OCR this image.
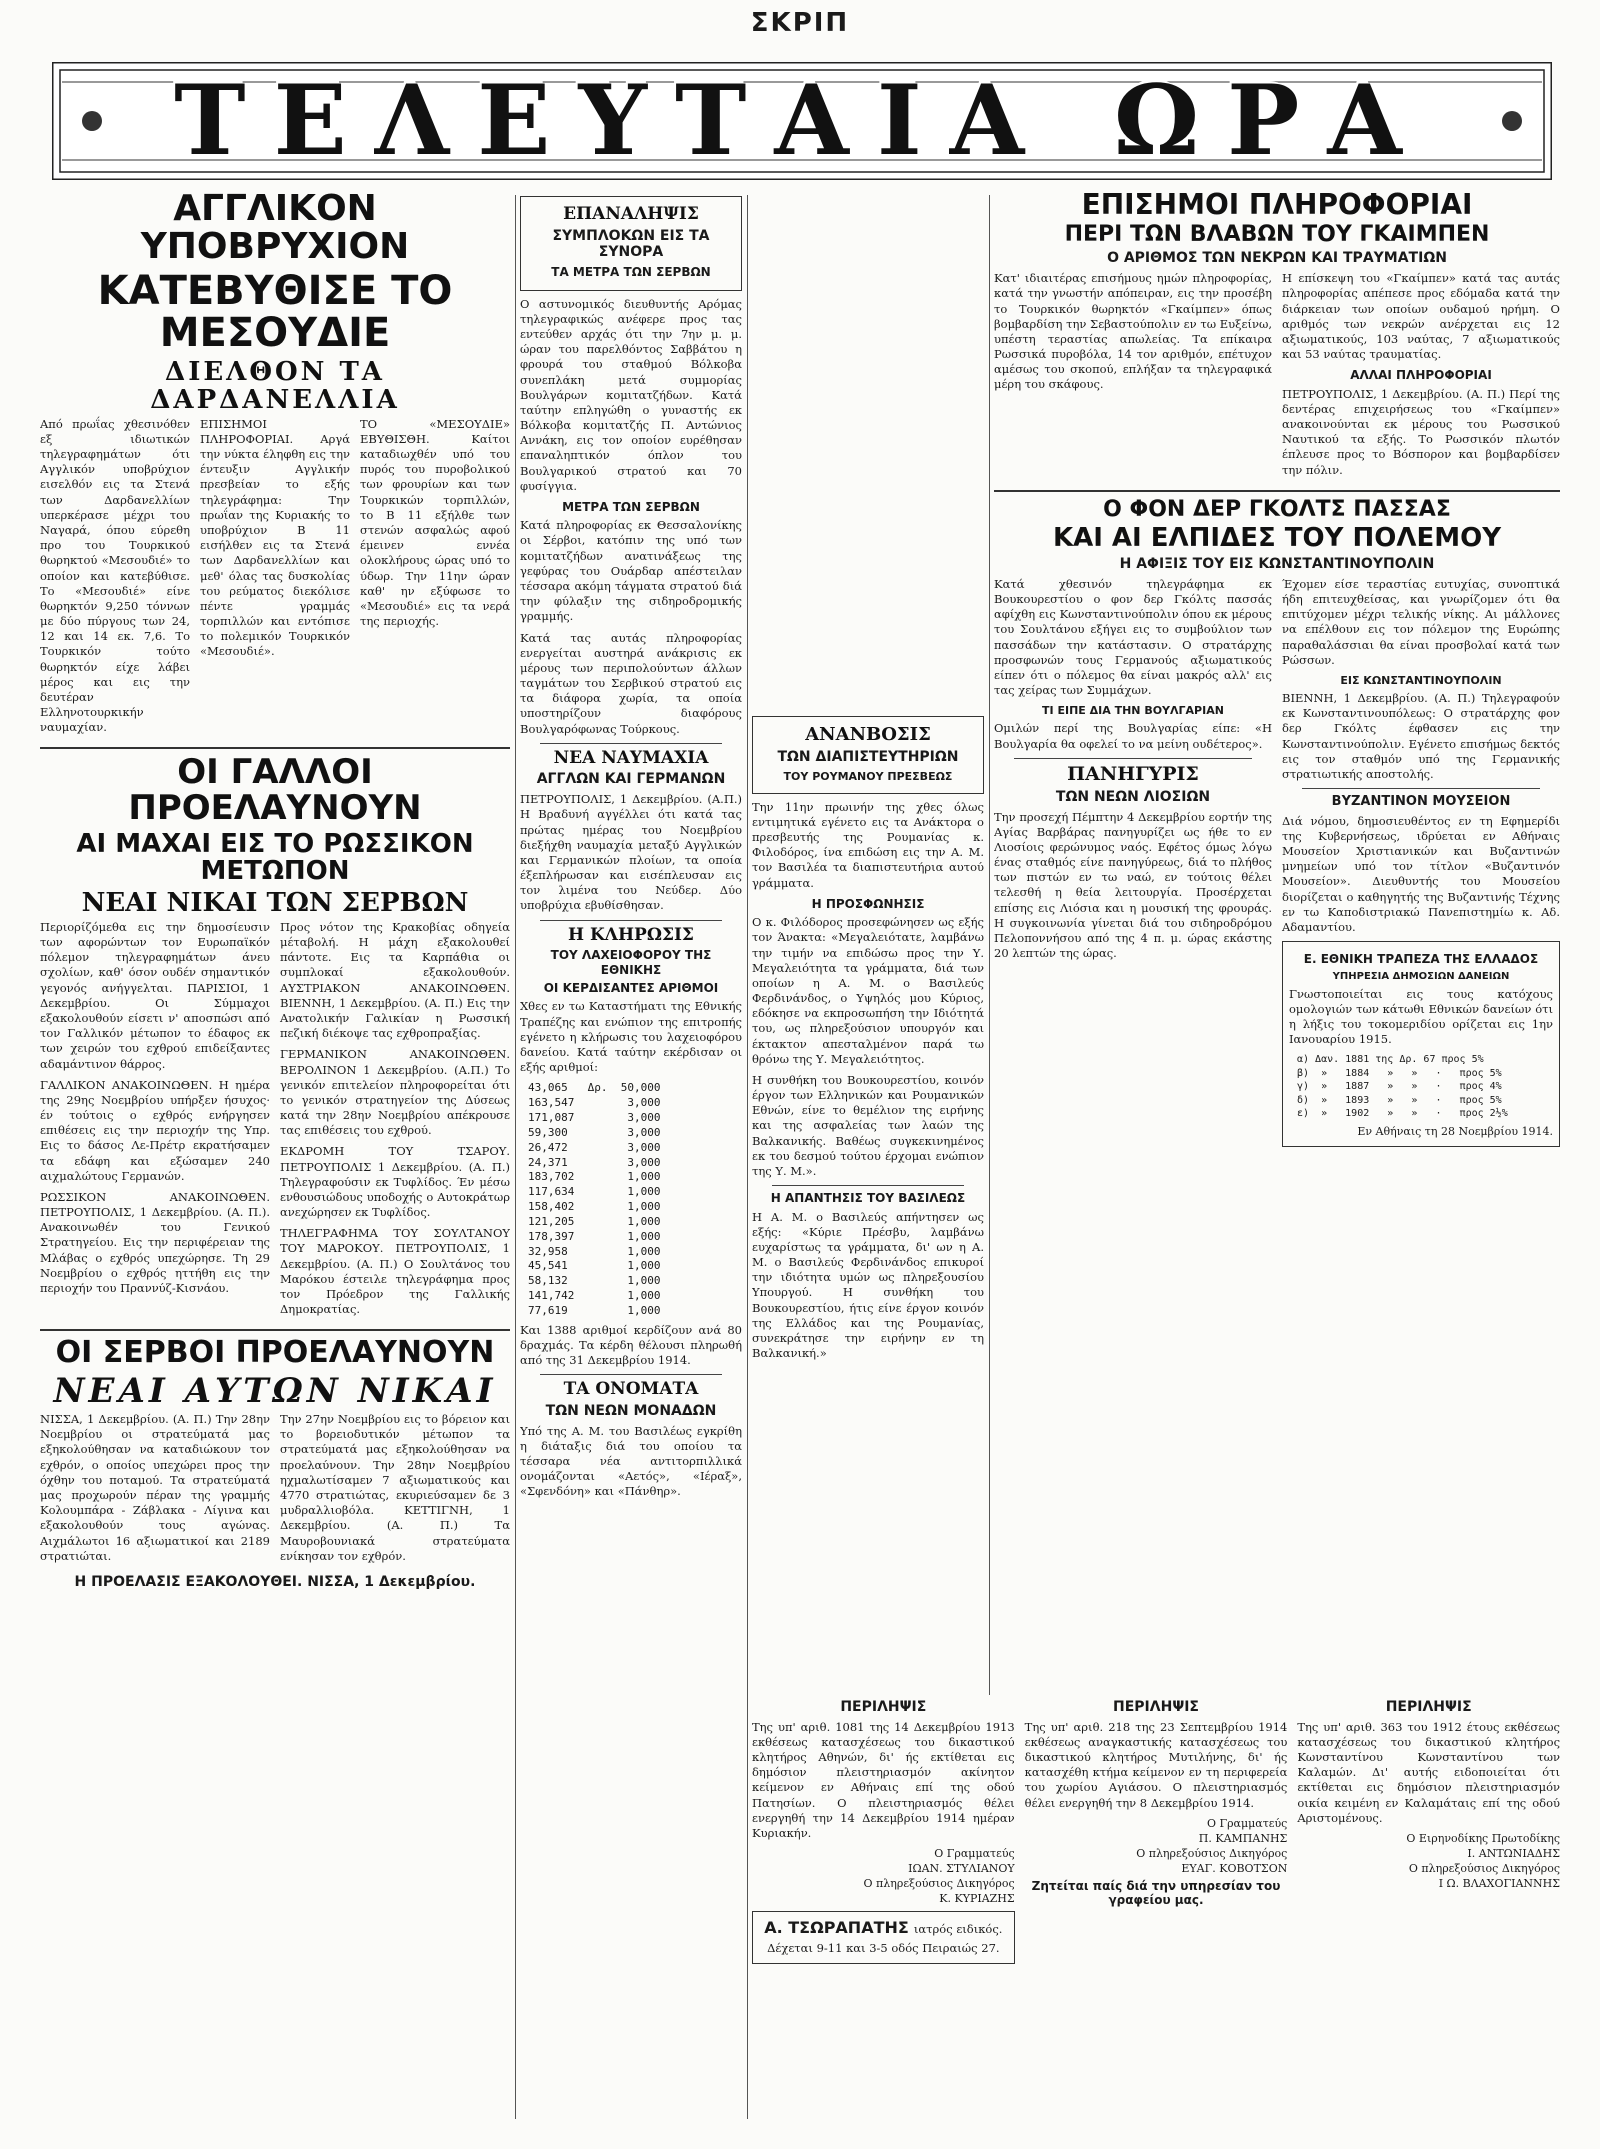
ΣΚΡΙΠ
ΤΕΛΕΥΤΑΙΑ ΩΡΑ
ΑΓΓΛΙΚΟΝ ΥΠΟΒΡΥΧΙΟΝ
ΚΑΤΕΒΥΘΙΣΕ ΤΟ ΜΕΣΟΥΔΙΕ
ΔΙΕΛΘΟΝ ΤΑ ΔΑΡΔΑΝΕΛΛΙΑ

Από πρωΐας χθεσινόθεν εξ ιδιωτικών τηλεγραφημάτων ότι Αγγλικόν υποβρύχιον εισελθόν εις τα Στενά των Δαρδανελλίων υπερκέρασε μέχρι του Ναγαρά, όπου εύρεθη προ του Τουρκικού θωρηκτού «Μεσουδιέ» το οποίον και κατεβύθισε. Το «Μεσουδιέ» είνε θωρηκτόν 9,250 τόννων με δύο πύργους των 24, 12 και 14 εκ. 7,6. Το Τουρκικόν τούτο θωρηκτόν είχε λάβει μέρος και εις την δευτέραν Ελληνοτουρκικήν ναυμαχίαν.

ΕΠΙΣΗΜΟΙ ΠΛΗΡΟΦΟΡΙΑΙ. Αργά την νύκτα έληφθη εις την έντευξιν Αγγλικήν πρεσβείαν το εξής τηλεγράφημα: Την πρωΐαν της Κυριακής το υποβρύχιον Β 11 εισήλθεν εις τα Στενά των Δαρδανελλίων και μεθ' όλας τας δυσκολίας του ρεύματος διεκόλισε πέντε γραμμάς τορπιλλών και εντόπισε το πολεμικόν Τουρκικόν «Μεσουδιέ».

ΤΟ «ΜΕΣΟΥΔΙΕ» ΕΒΥΘΙΣΘΗ. Καίτοι καταδιωχθέν υπό του πυρός του πυροβολικού των φρουρίων και των Τουρκικών τορπιλλών, το Β 11 εξήλθε των στενών ασφαλώς αφού έμεινεν εννέα ολοκλήρους ώρας υπό το ύδωρ. Την 11ην ώραν καθ' ην εξύφωσε το «Μεσουδιέ» εις τα νερά της περιοχής.

ΟΙ ΓΑΛΛΟΙ ΠΡΟΕΛΑΥΝΟΥΝ
ΑΙ ΜΑΧΑΙ ΕΙΣ ΤΟ ΡΩΣΣΙΚΟΝ ΜΕΤΩΠΟΝ
ΝΕΑΙ ΝΙΚΑΙ ΤΩΝ ΣΕΡΒΩΝ

Περιορίζόμεθα εις την δημοσίευσιν των αφορώντων τον Ευρωπαϊκόν πόλεμον τηλεγραφημάτων άνευ σχολίων, καθ' όσον ουδέν σημαντικόν γεγονός ανήγγελται. ΠΑΡΙΣΙΟΙ, 1 Δεκεμβρίου. Οι Σύμμαχοι εξακολουθούν είσετι ν' αποσπώσι από τον Γαλλικόν μέτωπον το έδαφος εκ των χειρών του εχθρού επιδείξαντες αδαμάντινον θάρρος.

ΓΑΛΛΙΚΟΝ ΑΝΑΚΟΙΝΩΘΕΝ. Η ημέρα της 29ης Νοεμβρίου υπήρξεν ήσυχος· έν τούτοις ο εχθρός ενήργησεν επιθέσεις εις την περιοχήν της Υπρ. Εις το δάσος Λε-Πρέτρ εκρατήσαμεν τα εδάφη και εξώσαμεν 240 αιχμαλώτους Γερμανών.

ΡΩΣΣΙΚΟΝ ΑΝΑΚΟΙΝΩΘΕΝ. ΠΕΤΡΟΥΠΟΛΙΣ, 1 Δεκεμβρίου. (Α. Π.). Ανακοινωθέν του Γενικού Στρατηγείου. Εις την περιφέρειαν της Μλάβας ο εχθρός υπεχώρησε. Τη 29 Νοεμβρίου ο εχθρός ηττήθη εις την περιοχήν του Πραννύζ-Κισνάου.

Προς νότον της Κρακοβίας οδηγεία μέταβολή. Η μάχη εξακολουθεί πάντοτε. Εις τα Καρπάθια οι συμπλοκαί εξακολουθούν. ΑΥΣΤΡΙΑΚΟΝ ΑΝΑΚΟΙΝΩΘΕΝ. ΒΙΕΝΝΗ, 1 Δεκεμβρίου. (Α. Π.) Εις την Ανατολικήν Γαλικίαν η Ρωσσική πεζική διέκοψε τας εχθροπραξίας.

ΓΕΡΜΑΝΙΚΟΝ ΑΝΑΚΟΙΝΩΘΕΝ. ΒΕΡΟΛΙΝΟΝ 1 Δεκεμβρίου. (Α.Π.) Το γενικόν επιτελείον πληροφορείται ότι το γενικόν στρατηγείον της Δύσεως κατά την 28ην Νοεμβρίου απέκρουσε τας επιθέσεις του εχθρού.

ΕΚΔΡΟΜΗ ΤΟΥ ΤΣΑΡΟΥ. ΠΕΤΡΟΥΠΟΛΙΣ 1 Δεκεμβρίου. (Α. Π.) Τηλεγραφούσιν εκ Τυφλίδος. Έν μέσω ενθουσιώδους υποδοχής ο Αυτοκράτωρ ανεχώρησεν εκ Τυφλίδος.

ΤΗΛΕΓΡΑΦΗΜΑ ΤΟΥ ΣΟΥΛΤΑΝΟΥ ΤΟΥ ΜΑΡΟΚΟΥ. ΠΕΤΡΟΥΠΟΛΙΣ, 1 Δεκεμβρίου. (Α. Π.) Ο Σουλτάνος του Μαρόκου έστειλε τηλεγράφημα προς τον Πρόεδρον της Γαλλικής Δημοκρατίας.

ΟΙ ΣΕΡΒΟΙ ΠΡΟΕΛΑΥΝΟΥΝ
ΝΕΑΙ ΑΥΤΩΝ ΝΙΚΑΙ

ΝΙΣΣΑ, 1 Δεκεμβρίου. (Α. Π.) Την 28ην Νοεμβρίου οι στρατεύματά μας εξηκολούθησαν να καταδιώκουν τον εχθρόν, ο οποίος υπεχώρει προς την όχθην του ποταμού. Τα στρατεύματά μας προχωρούν πέραν της γραμμής Κολουμπάρα - Ζάβλακα - Λίγινα και εξακολουθούν τους αγώνας. Αιχμάλωτοι 16 αξιωματικοί και 2189 στρατιώται.

Την 27ην Νοεμβρίου εις το βόρειον και το βορειοδυτικόν μέτωπον τα στρατεύματά μας εξηκολούθησαν να προελαύνουν. Την 28ην Νοεμβρίου ηχμαλωτίσαμεν 7 αξιωματικούς και 4770 στρατιώτας, εκυριεύσαμεν δε 3 μυδραλλιοβόλα. ΚΕΤΤΙΓΝΗ, 1 Δεκεμβρίου. (Α. Π.) Τα Μαυροβουνιακά στρατεύματα ενίκησαν τον εχθρόν.

Η ΠΡΟΕΛΑΣΙΣ ΕΞΑΚΟΛΟΥΘΕΙ. ΝΙΣΣΑ, 1 Δεκεμβρίου.
ΕΠΑΝΑΛΗΨΙΣ
ΣΥΜΠΛΟΚΩΝ ΕΙΣ ΤΑ ΣΥΝΟΡΑ
ΤΑ ΜΕΤΡΑ ΤΩΝ ΣΕΡΒΩΝ

Ο αστυνομικός διευθυντής Αρόμας τηλεγραφικώς ανέφερε προς τας εντεύθεν αρχάς ότι την 7ην μ. μ. ώραν του παρελθόντος Σαββάτου η φρουρά του σταθμού Βόλκοβα συνεπλάκη μετά συμμορίας Βουλγάρων κομιτατζήδων. Κατά ταύτην επληγώθη ο γυναστής εκ Βόλκοβα κομιτατζής Π. Αντώνιος Αννάκη, εις τον οποίον ευρέθησαν επαναληπτικόν όπλον του Βουλγαρικού στρατού και 70 φυσίγγια.

ΜΕΤΡΑ ΤΩΝ ΣΕΡΒΩΝ

Κατά πληροφορίας εκ Θεσσαλονίκης οι Σέρβοι, κατόπιν της υπό των κομιτατζήδων ανατινάξεως της γεφύρας του Ουάρδαρ απέστειλαν τέσσαρα ακόμη τάγματα στρατού διά την φύλαξιν της σιδηροδρομικής γραμμής.

Κατά τας αυτάς πληροφορίας ενεργείται αυστηρά ανάκρισις εκ μέρους των περιπολούντων άλλων ταγμάτων του Σερβικού στρατού εις τα διάφορα χωρία, τα οποία υποστηρίζουν διαφόρους Βουλγαρόφωνας Τούρκους.

ΝΕΑ ΝΑΥΜΑΧΙΑ
ΑΓΓΛΩΝ ΚΑΙ ΓΕΡΜΑΝΩΝ

ΠΕΤΡΟΥΠΟΛΙΣ, 1 Δεκεμβρίου. (Α.Π.) Η Βραδυνή αγγέλλει ότι κατά τας πρώτας ημέρας του Νοεμβρίου διεξήχθη ναυμαχία μεταξύ Αγγλικών και Γερμανικών πλοίων, τα οποία έξεπλήρωσαν και εισέπλευσαν εις τον λιμένα του Νεύδερ. Δύο υποβρύχια εβυθίσθησαν.

Η ΚΛΗΡΩΣΙΣ
ΤΟΥ ΛΑΧΕΙΟΦΟΡΟΥ ΤΗΣ ΕΘΝΙΚΗΣ
ΟΙ ΚΕΡΔΙΣΑΝΤΕΣ ΑΡΙΘΜΟΙ

Χθες εν τω Καταστήματι της Εθνικής Τραπέζης και ενώπιον της επιτροπής εγένετο η κλήρωσις του λαχειοφόρου δανείου. Κατά ταύτην εκέρδισαν οι εξής αριθμοί:

43,065   Δρ.  50,000
163,547        3,000
171,087        3,000
59,300         3,000
26,472         3,000
24,371         3,000
183,702        1,000
117,634        1,000
158,402        1,000
121,205        1,000
178,397        1,000
32,958         1,000
45,541         1,000
58,132         1,000
141,742        1,000
77,619         1,000

Και 1388 αριθμοί κερδίζουν ανά 80 δραχμάς. Τα κέρδη θέλουσι πληρωθή από της 31 Δεκεμβρίου 1914.

ΤΑ ΟΝΟΜΑΤΑ
ΤΩΝ ΝΕΩΝ ΜΟΝΑΔΩΝ

Υπό της Α. Μ. του Βασιλέως εγκρίθη η διάταξις διά του οποίου τα τέσσαρα νέα αντιτορπιλλικά ονομάζονται «Αετός», «Ιέραξ», «Σφενδόνη» και «Πάνθηρ».

ΑΝΑΝΒΟΣΙΣ
ΤΩΝ ΔΙΑΠΙΣΤΕΥΤΗΡΙΩΝ
ΤΟΥ ΡΟΥΜΑΝΟΥ ΠΡΕΣΒΕΩΣ

Την 11ην πρωινήν της χθες όλως εντιμητικά εγένετο εις τα Ανάκτορα ο πρεσβευτής της Ρουμανίας κ. Φιλοδόρος, ίνα επιδώση εις την Α. Μ. τον Βασιλέα τα διαπιστευτήρια αυτού γράμματα.

Η ΠΡΟΣΦΩΝΗΣΙΣ

Ο κ. Φιλόδορος προσεφώνησεν ως εξής τον Άνακτα: «Μεγαλειότατε, λαμβάνω την τιμήν να επιδώσω προς την Υ. Μεγαλειότητα τα γράμματα, διά των οποίων η Α. Μ. ο Βασιλεύς Φερδινάνδος, ο Υψηλός μου Κύριος, εδόκησε να εκπροσωπήση την Ιδιότητά του, ως πληρεξούσιον υπουργόν και έκτακτον απεσταλμένον παρά τω θρόνω της Υ. Μεγαλειότητος.

Η συνθήκη του Βουκουρεστίου, κοινόν έργον των Ελληνικών και Ρουμανικών Εθνών, είνε το θεμέλιον της ειρήνης και της ασφαλείας των λαών της Βαλκανικής. Βαθέως συγκεκινημένος εκ του δεσμού τούτου έρχομαι ενώπιον της Υ. Μ.».

Η ΑΠΑΝΤΗΣΙΣ ΤΟΥ ΒΑΣΙΛΕΩΣ

Η Α. Μ. ο Βασιλεύς απήντησεν ως εξής: «Κύριε Πρέσβυ, λαμβάνω ευχαρίστως τα γράμματα, δι' ων η Α. Μ. ο Βασιλεύς Φερδινάνδος επικυροί την ιδιότητα υμών ως πληρεξουσίου Υπουργού. Η συνθήκη του Βουκουρεστίου, ήτις είνε έργον κοινόν της Ελλάδος και της Ρουμανίας, συνεκράτησε την ειρήνην εν τη Βαλκανική.»

ΕΠΙΣΗΜΟΙ ΠΛΗΡΟΦΟΡΙΑΙ
ΠΕΡΙ ΤΩΝ ΒΛΑΒΩΝ ΤΟΥ ΓΚΑΙΜΠΕΝ
Ο ΑΡΙΘΜΟΣ ΤΩΝ ΝΕΚΡΩΝ ΚΑΙ ΤΡΑΥΜΑΤΙΩΝ

Κατ' ιδιαιτέρας επισήμους ημών πληροφορίας, κατά την γνωστήν απόπειραν, εις την προσέβη το Τουρκικόν θωρηκτόν «Γκαίμπεν» όπως βομβαρδίση την Σεβαστούπολιν εν τω Ευξείνω, υπέστη τεραστίας απωλείας. Τα επίκαιρα Ρωσσικά πυροβόλα, 14 τον αριθμόν, επέτυχον αμέσως του σκοπού, επλήξαν τα τηλεγραφικά μέρη του σκάφους.

Η επίσκεψη του «Γκαίμπεν» κατά τας αυτάς πληροφορίας απέπεσε προς εδόμαδα κατά την διάρκειαν των οποίων ουδαμού ηρήμη. Ο αριθμός των νεκρών ανέρχεται εις 12 αξιωματικούς, 103 ναύτας, 7 αξιωματικούς και 53 ναύτας τραυματίας.

ΑΛΛΑΙ ΠΛΗΡΟΦΟΡΙΑΙ

ΠΕΤΡΟΥΠΟΛΙΣ, 1 Δεκεμβρίου. (Α. Π.) Περί της δεντέρας επιχειρήσεως του «Γκαίμπεν» ανακοινούνται εκ μέρους του Ρωσσικού Ναυτικού τα εξής. Το Ρωσσικόν πλωτόν έπλευσε προς το Βόσπορον και βομβαρδίσεν την πόλιν.

Ο ΦΟΝ ΔΕΡ ΓΚΟΛΤΣ ΠΑΣΣΑΣ
ΚΑΙ ΑΙ ΕΛΠΙΔΕΣ ΤΟΥ ΠΟΛΕΜΟΥ
Η ΑΦΙΞΙΣ ΤΟΥ ΕΙΣ ΚΩΝΣΤΑΝΤΙΝΟΥΠΟΛΙΝ

Κατά χθεσινόν τηλεγράφημα εκ Βουκουρεστίου ο φον δερ Γκόλτς πασσάς αφίχθη εις Κωνσταντινούπολιν όπου εκ μέρους του Σουλτάνου εξήγει εις το συμβούλιον των πασσάδων την κατάστασιν. Ο στρατάρχης προσφωνών τους Γερμανούς αξιωματικούς είπεν ότι ο πόλεμος θα είναι μακρός αλλ' εις τας χείρας των Συμμάχων.

ΤΙ ΕΙΠΕ ΔΙΑ ΤΗΝ ΒΟΥΛΓΑΡΙΑΝ

Ομιλών περί της Βουλγαρίας είπε: «Η Βουλγαρία θα οφελεί το να μείνη ουδέτερος».

ΠΑΝΗΓΥΡΙΣ
ΤΩΝ ΝΕΩΝ ΛΙΟΣΙΩΝ

Την προσεχή Πέμπτην 4 Δεκεμβρίου εορτήν της Αγίας Βαρβάρας πανηγυρίζει ως ήθε το εν Λιοσίοις φερώνυμος ναός. Εφέτος όμως λόγω ένας σταθμός είνε πανηγύρεως, διά το πλήθος των πιστών εν τω ναώ, εν τούτοις θέλει τελεσθή η θεία λειτουργία. Προσέρχεται επίσης εις Λιόσια και η μουσική της φρουράς. Η συγκοινωνία γίνεται διά του σιδηροδρόμου Πελοποννήσου από της 4 π. μ. ώρας εκάστης 20 λεπτών της ώρας.

Έχομεν είσε τεραστίας ευτυχίας, συνοπτικά ήδη επιτευχθείσας, και γνωρίζομεν ότι θα επιτύχομεν μέχρι τελικής νίκης. Αι μάλλονες να επέλθουν εις τον πόλεμον της Ευρώπης παραθαλάσσιαι θα είναι προσβολαί κατά των Ρώσσων.

ΕΙΣ ΚΩΝΣΤΑΝΤΙΝΟΥΠΟΛΙΝ

ΒΙΕΝΝΗ, 1 Δεκεμβρίου. (Α. Π.) Τηλεγραφούν εκ Κωνσταντινουπόλεως: Ο στρατάρχης φον δερ Γκόλτς έφθασεν εις την Κωνσταντινούπολιν. Εγένετο επισήμως δεκτός εις τον σταθμόν υπό της Γερμανικής στρατιωτικής αποστολής.

ΒΥΖΑΝΤΙΝΟΝ ΜΟΥΣΕΙΟΝ

Διά νόμου, δημοσιευθέντος εν τη Εφημερίδι της Κυβερνήσεως, ιδρύεται εν Αθήναις Μουσείον Χριστιανικών και Βυζαντινών μνημείων υπό τον τίτλον «Βυζαντινόν Μουσείον». Διευθυντής του Μουσείου διορίζεται ο καθηγητής της Βυζαντινής Τέχνης εν τω Καποδιστριακώ Πανεπιστημίω κ. Αδ. Αδαμαντίου.

Ε. ΕΘΝΙΚΗ ΤΡΑΠΕΖΑ ΤΗΣ ΕΛΛΑΔΟΣ
ΥΠΗΡΕΣΙΑ ΔΗΜΟΣΙΩΝ ΔΑΝΕΙΩΝ

Γνωστοποιείται εις τους κατόχους ομολογιών των κάτωθι Εθνικών δανείων ότι η λήξις του τοκομεριδίου ορίζεται εις 1ην Ιανουαρίου 1915.

α) Δαν. 1881 της Δρ. 67 προς 5%
β)  »   1884   »   »   ·   προς 5%
γ)  »   1887   »   »   ·   προς 4%
δ)  »   1893   »   »   ·   προς 5%
ε)  »   1902   »   »   ·   προς 2½%

Εν Αθήναις τη 28 Νοεμβρίου 1914.

ΠΕΡΙΛΗΨΙΣ

Της υπ' αριθ. 1081 της 14 Δεκεμβρίου 1913 εκθέσεως κατασχέσεως του δικαστικού κλητήρος Αθηνών, δι' ής εκτίθεται εις δημόσιον πλειστηριασμόν ακίνητον κείμενον εν Αθήναις επί της οδού Πατησίων. Ο πλειστηριασμός θέλει ενεργηθή την 14 Δεκεμβρίου 1914 ημέραν Κυριακήν.

Ο Γραμματεύς

ΙΩΑΝ. ΣΤΥΛΙΑΝΟΥ

Ο πληρεξούσιος Δικηγόρος

Κ. ΚΥΡΙΑΖΗΣ

Α. ΤΣΩΡΑΠΑΤΗΣ ιατρός ειδικός. Δέχεται 9-11 και 3-5 οδός Πειραιώς 27.
ΠΕΡΙΛΗΨΙΣ

Της υπ' αριθ. 218 της 23 Σεπτεμβρίου 1914 εκθέσεως αναγκαστικής κατασχέσεως του δικαστικού κλητήρος Μυτιλήνης, δι' ής κατασχέθη κτήμα κείμενον εν τη περιφερεία του χωρίου Αγιάσου. Ο πλειστηριασμός θέλει ενεργηθή την 8 Δεκεμβρίου 1914.

Ο Γραμματεύς

Π. ΚΑΜΠΑΝΗΣ

Ο πληρεξούσιος Δικηγόρος

ΕΥΑΓ. ΚΟΒΟΤΣΟΝ

Ζητείται παίς διά την υπηρεσίαν του γραφείου μας.

ΠΕΡΙΛΗΨΙΣ

Της υπ' αριθ. 363 του 1912 έτους εκθέσεως κατασχέσεως του δικαστικού κλητήρος Κωνσταντίνου Κωνσταντίνου των Καλαμών. Δι' αυτής ειδοποιείται ότι εκτίθεται εις δημόσιον πλειστηριασμόν οικία κειμένη εν Καλαμάταις επί της οδού Αριστομένους.

Ο Ειρηνοδίκης Πρωτοδίκης

Ι. ΑΝΤΩΝΙΑΔΗΣ

Ο πληρεξούσιος Δικηγόρος

Ι Ω. ΒΛΑΧΟΓΙΑΝΝΗΣ
